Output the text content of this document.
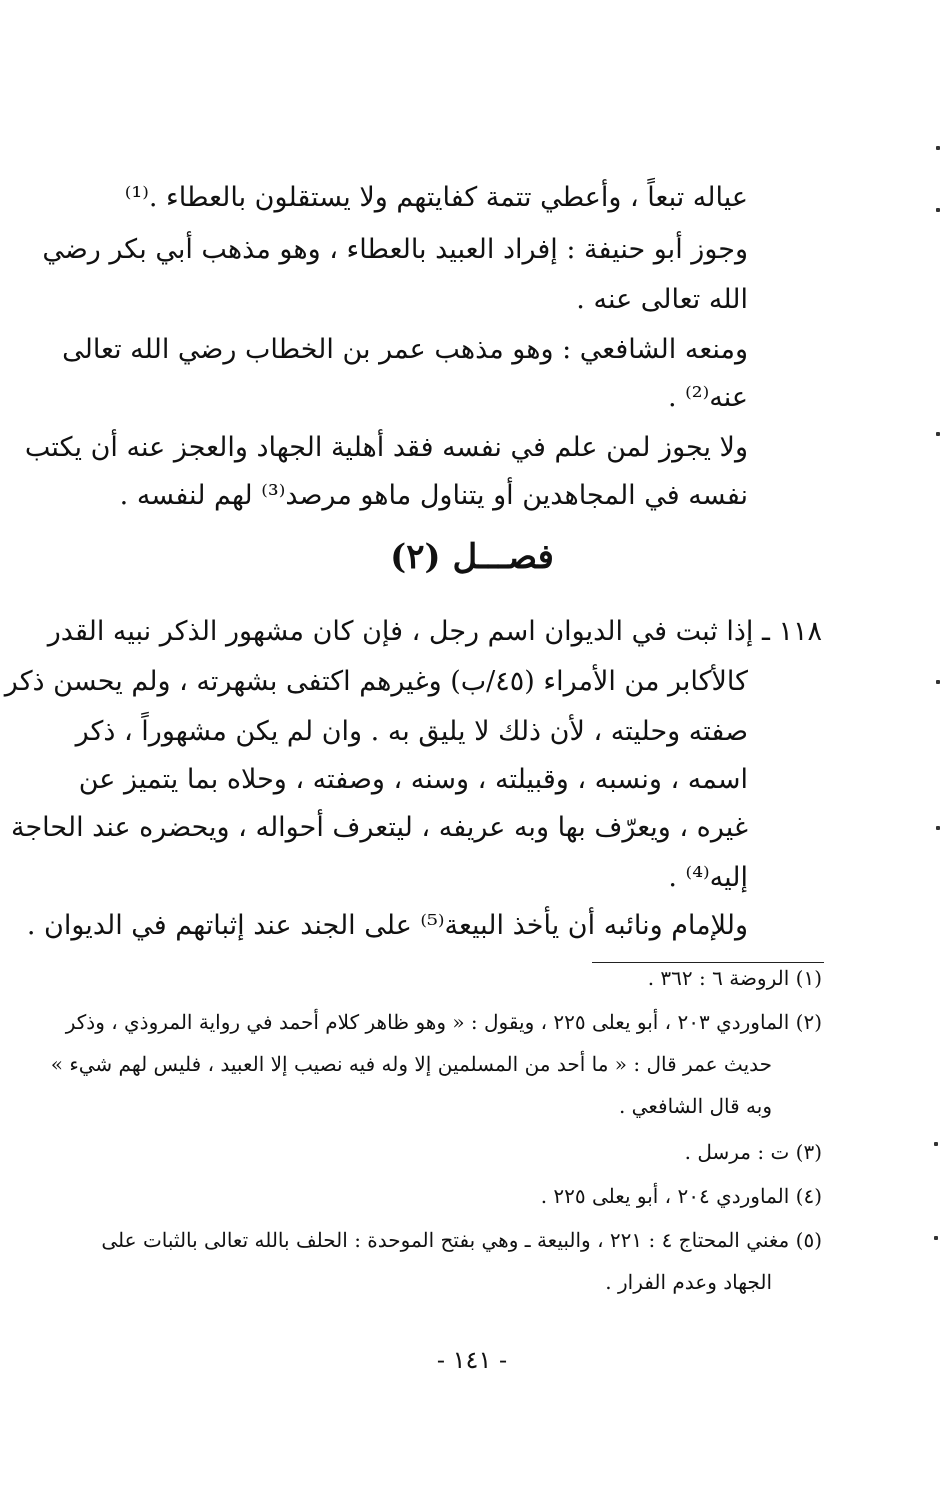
عياله تبعاً ، وأعطي تتمة كفايتهم ولا يستقلون بالعطاء .⁽¹⁾
وجوز أبو حنيفة : إفراد العبيد بالعطاء ، وهو مذهب أبي بكر رضي
الله تعالى عنه .
ومنعه الشافعي : وهو مذهب عمر بن الخطاب رضي الله تعالى
عنه⁽²⁾ .
ولا يجوز لمن علم في نفسه فقد أهلية الجهاد والعجز عنه أن يكتب
نفسه في المجاهدين أو يتناول ماهو مرصد⁽³⁾ لهم لنفسه .
فصـــل (٢)
١١٨ ـ إذا ثبت في الديوان اسم رجل ، فإن كان مشهور الذكر نبيه القدر
كالأكابر من الأمراء (٤٥/ب) وغيرهم اكتفى بشهرته ، ولم يحسن ذكر
صفته وحليته ، لأن ذلك لا يليق به . وان لم يكن مشهوراً ، ذكر
اسمه ، ونسبه ، وقبيلته ، وسنه ، وصفته ، وحلاه بما يتميز عن
غيره ، ويعرّف بها وبه عريفه ، ليتعرف أحواله ، ويحضره عند الحاجة
إليه⁽⁴⁾ .
وللإمام ونائبه أن يأخذ البيعة⁽⁵⁾ على الجند عند إثباتهم في الديوان .
(١) الروضة ٦ : ٣٦٢ .
(٢) الماوردي ٢٠٣ ، أبو يعلى ٢٢٥ ، ويقول : « وهو ظاهر كلام أحمد في رواية المروذي ، وذكر
حديث عمر قال : « ما أحد من المسلمين إلا وله فيه نصيب إلا العبيد ، فليس لهم شيء »
وبه قال الشافعي .
(٣) ت : مرسل .
(٤) الماوردي ٢٠٤ ، أبو يعلى ٢٢٥ .
(٥) مغني المحتاج ٤ : ٢٢١ ، والبيعة ـ وهي بفتح الموحدة : الحلف بالله تعالى بالثبات على
الجهاد وعدم الفرار .
- ١٤١ -
